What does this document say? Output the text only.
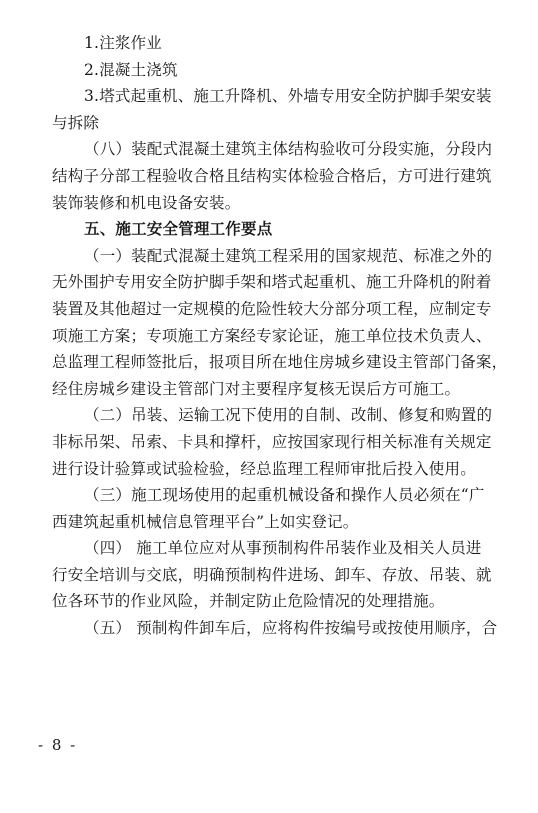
1.注浆作业
2.混凝土浇筑
3.塔式起重机、施工升降机、外墙专用安全防护脚手架安装
与拆除
（八）装配式混凝土建筑主体结构验收可分段实施，分段内
结构子分部工程验收合格且结构实体检验合格后，方可进行建筑
装饰装修和机电设备安装。
五、施工安全管理工作要点
（一）装配式混凝土建筑工程采用的国家规范、标准之外的
无外围护专用安全防护脚手架和塔式起重机、施工升降机的附着
装置及其他超过一定规模的危险性较大分部分项工程，应制定专
项施工方案；专项施工方案经专家论证，施工单位技术负责人、
总监理工程师签批后，报项目所在地住房城乡建设主管部门备案，
经住房城乡建设主管部门对主要程序复核无误后方可施工。
（二）吊装、运输工况下使用的自制、改制、修复和购置的
非标吊架、吊索、卡具和撑杆，应按国家现行相关标准有关规定
进行设计验算或试验检验，经总监理工程师审批后投入使用。
（三）施工现场使用的起重机械设备和操作人员必须在“广
西建筑起重机械信息管理平台”上如实登记。
（四） 施工单位应对从事预制构件吊装作业及相关人员进
行安全培训与交底，明确预制构件进场、卸车、存放、吊装、就
位各环节的作业风险，并制定防止危险情况的处理措施。
（五） 预制构件卸车后，应将构件按编号或按使用顺序，合
- 8 -
